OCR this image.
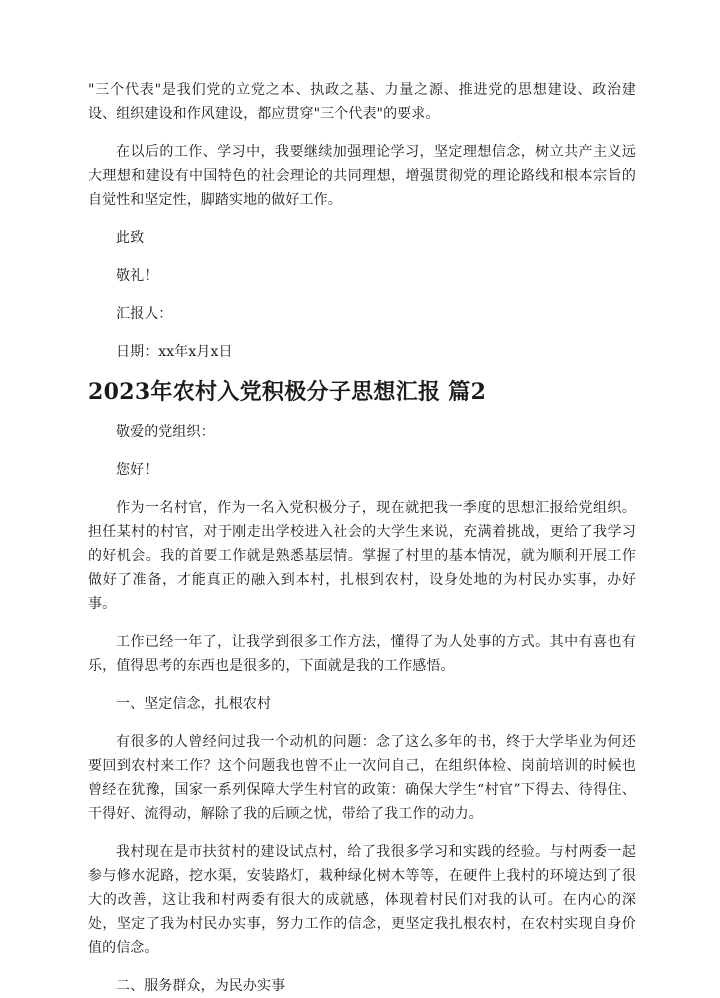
"三个代表"是我们党的立党之本、执政之基、力量之源、推进党的思想建设、政治建设、组织建设和作风建设，都应贯穿"三个代表"的要求。

在以后的工作、学习中，我要继续加强理论学习，坚定理想信念，树立共产主义远大理想和建设有中国特色的社会理论的共同理想，增强贯彻党的理论路线和根本宗旨的自觉性和坚定性，脚踏实地的做好工作。

此致

敬礼！

汇报人：

日期：xx年x月x日

2023年农村入党积极分子思想汇报 篇2

敬爱的党组织：

您好！

作为一名村官，作为一名入党积极分子，现在就把我一季度的思想汇报给党组织。担任某村的村官，对于刚走出学校进入社会的大学生来说，充满着挑战，更给了我学习的好机会。我的首要工作就是熟悉基层情。掌握了村里的基本情况，就为顺利开展工作做好了准备，才能真正的融入到本村，扎根到农村，设身处地的为村民办实事，办好事。

工作已经一年了，让我学到很多工作方法，懂得了为人处事的方式。其中有喜也有乐，值得思考的东西也是很多的，下面就是我的工作感悟。

一、坚定信念，扎根农村

有很多的人曾经问过我一个动机的问题：念了这么多年的书，终于大学毕业为何还要回到农村来工作？这个问题我也曾不止一次问自己，在组织体检、岗前培训的时候也曾经在犹豫，国家一系列保障大学生村官的政策：确保大学生“村官”下得去、待得住、干得好、流得动，解除了我的后顾之忧，带给了我工作的动力。

我村现在是市扶贫村的建设试点村，给了我很多学习和实践的经验。与村两委一起参与修水泥路，挖水渠，安装路灯，栽种绿化树木等等，在硬件上我村的环境达到了很大的改善，这让我和村两委有很大的成就感，体现着村民们对我的认可。在内心的深处，坚定了我为村民办实事，努力工作的信念，更坚定我扎根农村，在农村实现自身价值的信念。

二、服务群众，为民办实事
